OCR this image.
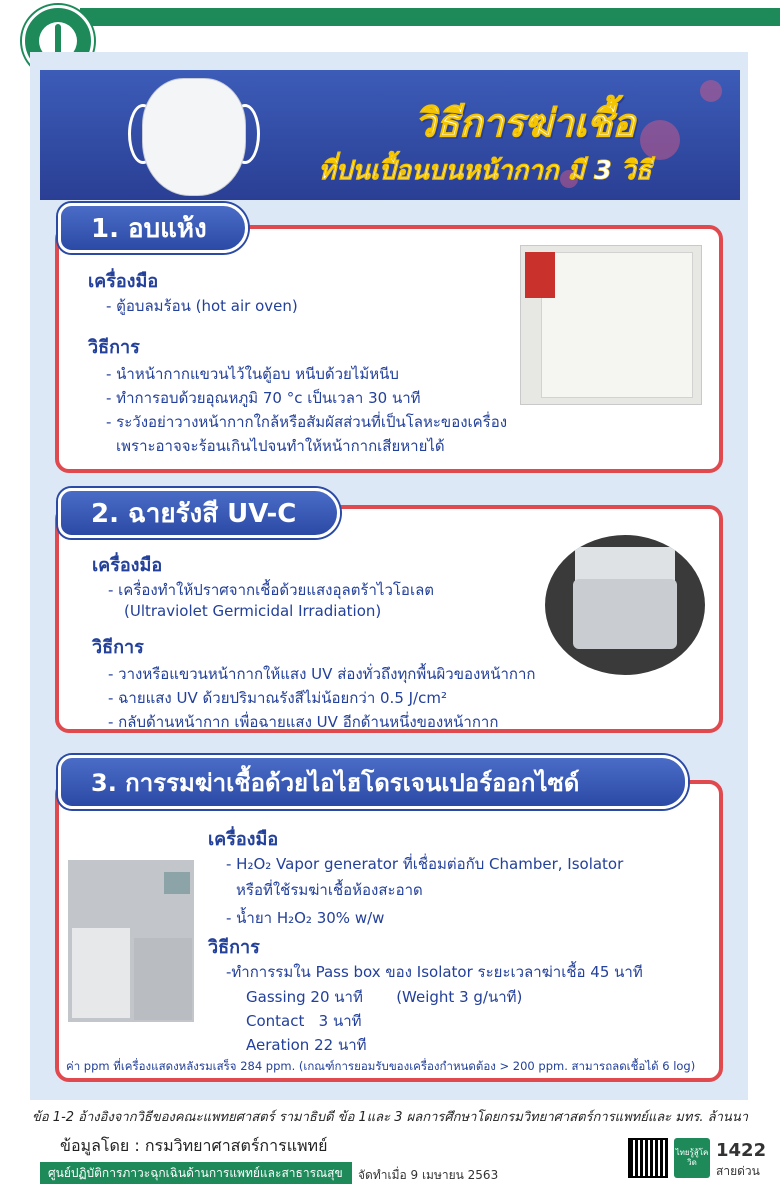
วิธีการฆ่าเชื้อ
ที่ปนเปื้อนบนหน้ากาก มี 3 วิธี
1. อบแห้ง
เครื่องมือ
- ตู้อบลมร้อน (hot air oven)
วิธีการ
- นำหน้ากากแขวนไว้ในตู้อบ หนีบด้วยไม้หนีบ
- ทำการอบด้วยอุณหภูมิ 70 °c เป็นเวลา 30 นาที
- ระวังอย่าวางหน้ากากใกล้หรือสัมผัสส่วนที่เป็นโลหะของเครื่อง
เพราะอาจจะร้อนเกินไปจนทำให้หน้ากากเสียหายได้
2. ฉายรังสี UV-C
เครื่องมือ
- เครื่องทำให้ปราศจากเชื้อด้วยแสงอุลตร้าไวโอเลต
(Ultraviolet Germicidal Irradiation)
วิธีการ
- วางหรือแขวนหน้ากากให้แสง UV ส่องทั่วถึงทุกพื้นผิวของหน้ากาก
- ฉายแสง UV ด้วยปริมาณรังสีไม่น้อยกว่า 0.5 J/cm²
- กลับด้านหน้ากาก เพื่อฉายแสง UV อีกด้านหนึ่งของหน้ากาก
3. การรมฆ่าเชื้อด้วยไอไฮโดรเจนเปอร์ออกไซด์
เครื่องมือ
- H₂O₂ Vapor generator ที่เชื่อมต่อกับ Chamber, Isolator
หรือที่ใช้รมฆ่าเชื้อห้องสะอาด
- น้ำยา H₂O₂ 30% w/w
วิธีการ
-ทำการรมใน Pass box ของ Isolator ระยะเวลาฆ่าเชื้อ 45 นาที
Gassing 20 นาที       (Weight 3 g/นาที)
Contact   3 นาที
Aeration 22 นาที
ค่า ppm ที่เครื่องแสดงหลังรมเสร็จ 284 ppm. (เกณฑ์การยอมรับของเครื่องกำหนดต้อง > 200 ppm. สามารถลดเชื้อได้ 6 log)
ข้อ 1-2 อ้างอิงจากวิธีของคณะแพทยศาสตร์ รามาธิบดี ข้อ 1และ 3 ผลการศึกษาโดยกรมวิทยาศาสตร์การแพทย์และ มทร. ล้านนา
ข้อมูลโดย : กรมวิทยาศาสตร์การแพทย์
ศูนย์ปฏิบัติการภาวะฉุกเฉินด้านการแพทย์และสาธารณสุข	จัดทำเมื่อ 9 เมษายน 2563
ไทยรู้สู้โควิด
1422
สายด่วน
